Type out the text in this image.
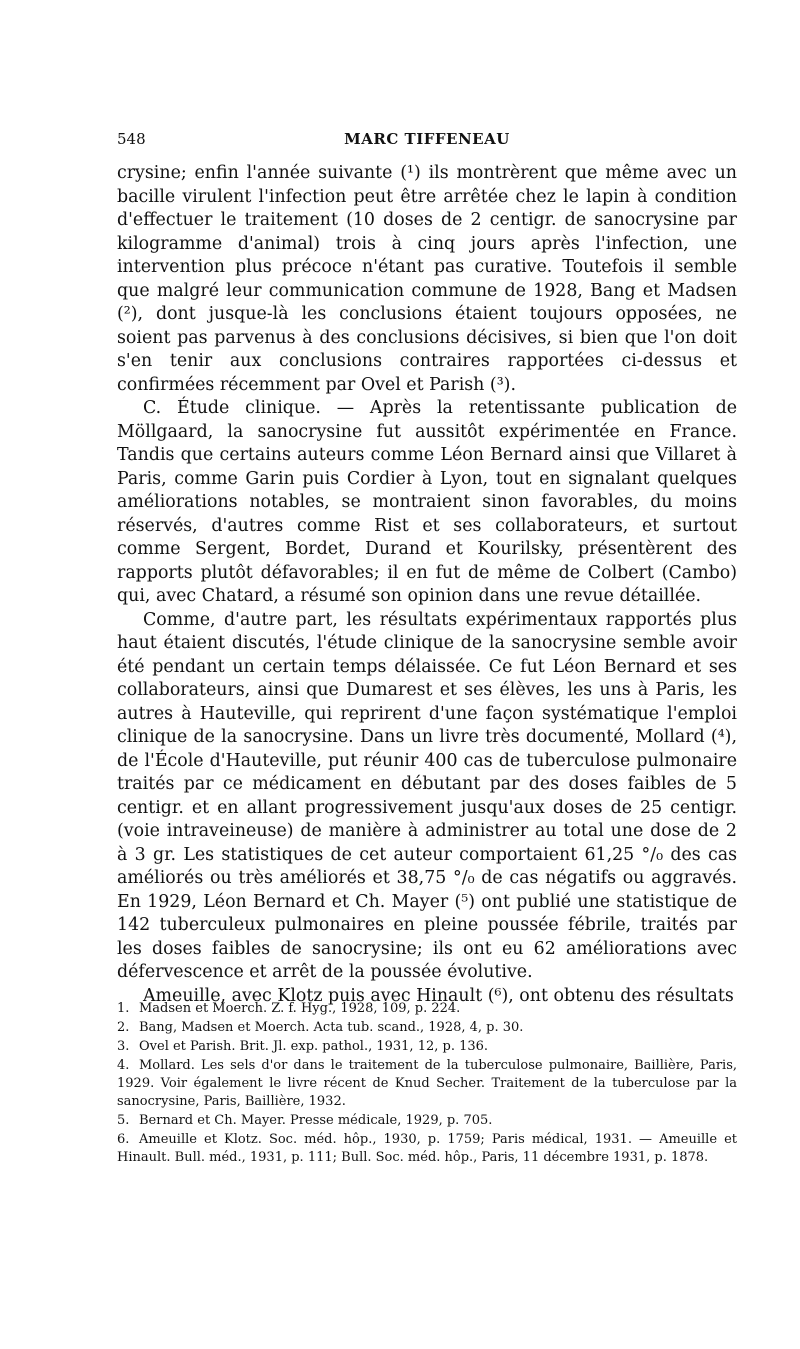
548	MARC TIFFENEAU

crysine; enfin l'année suivante (¹) ils montrèrent que même avec un bacille virulent l'infection peut être arrêtée chez le lapin à condition d'effectuer le traitement (10 doses de 2 centigr. de sanocrysine par kilogramme d'animal) trois à cinq jours après l'infection, une intervention plus précoce n'étant pas curative. Toutefois il semble que malgré leur communication commune de 1928, Bang et Madsen (²), dont jusque-là les conclusions étaient toujours opposées, ne soient pas parvenus à des conclusions décisives, si bien que l'on doit s'en tenir aux conclusions contraires rapportées ci-dessus et confirmées récemment par Ovel et Parish (³).

C. Étude clinique. — Après la retentissante publication de Möllgaard, la sanocrysine fut aussitôt expérimentée en France. Tandis que certains auteurs comme Léon Bernard ainsi que Villaret à Paris, comme Garin puis Cordier à Lyon, tout en signalant quelques améliorations notables, se montraient sinon favorables, du moins réservés, d'autres comme Rist et ses collaborateurs, et surtout comme Sergent, Bordet, Durand et Kourilsky, présentèrent des rapports plutôt défavorables; il en fut de même de Colbert (Cambo) qui, avec Chatard, a résumé son opinion dans une revue détaillée.

Comme, d'autre part, les résultats expérimentaux rapportés plus haut étaient discutés, l'étude clinique de la sanocrysine semble avoir été pendant un certain temps délaissée. Ce fut Léon Bernard et ses collaborateurs, ainsi que Dumarest et ses élèves, les uns à Paris, les autres à Hauteville, qui reprirent d'une façon systématique l'emploi clinique de la sanocrysine. Dans un livre très documenté, Mollard (⁴), de l'École d'Hauteville, put réunir 400 cas de tuberculose pulmonaire traités par ce médicament en débutant par des doses faibles de 5 centigr. et en allant progressivement jusqu'aux doses de 25 centigr. (voie intraveineuse) de manière à administrer au total une dose de 2 à 3 gr. Les statistiques de cet auteur comportaient 61,25 °/₀ des cas améliorés ou très améliorés et 38,75 °/₀ de cas négatifs ou aggravés. En 1929, Léon Bernard et Ch. Mayer (⁵) ont publié une statistique de 142 tuberculeux pulmonaires en pleine poussée fébrile, traités par les doses faibles de sanocrysine; ils ont eu 62 améliorations avec défervescence et arrêt de la poussée évolutive.

Ameuille, avec Klotz puis avec Hinault (⁶), ont obtenu des résultats

1. Madsen et Moerch. Z. f. Hyg., 1928, 109, p. 224.

2. Bang, Madsen et Moerch. Acta tub. scand., 1928, 4, p. 30.

3. Ovel et Parish. Brit. Jl. exp. pathol., 1931, 12, p. 136.

4. Mollard. Les sels d'or dans le traitement de la tuberculose pulmonaire, Baillière, Paris, 1929. Voir également le livre récent de Knud Secher. Traitement de la tuberculose par la sanocrysine, Paris, Baillière, 1932.

5. Bernard et Ch. Mayer. Presse médicale, 1929, p. 705.

6. Ameuille et Klotz. Soc. méd. hôp., 1930, p. 1759; Paris médical, 1931. — Ameuille et Hinault. Bull. méd., 1931, p. 111; Bull. Soc. méd. hôp., Paris, 11 décembre 1931, p. 1878.
